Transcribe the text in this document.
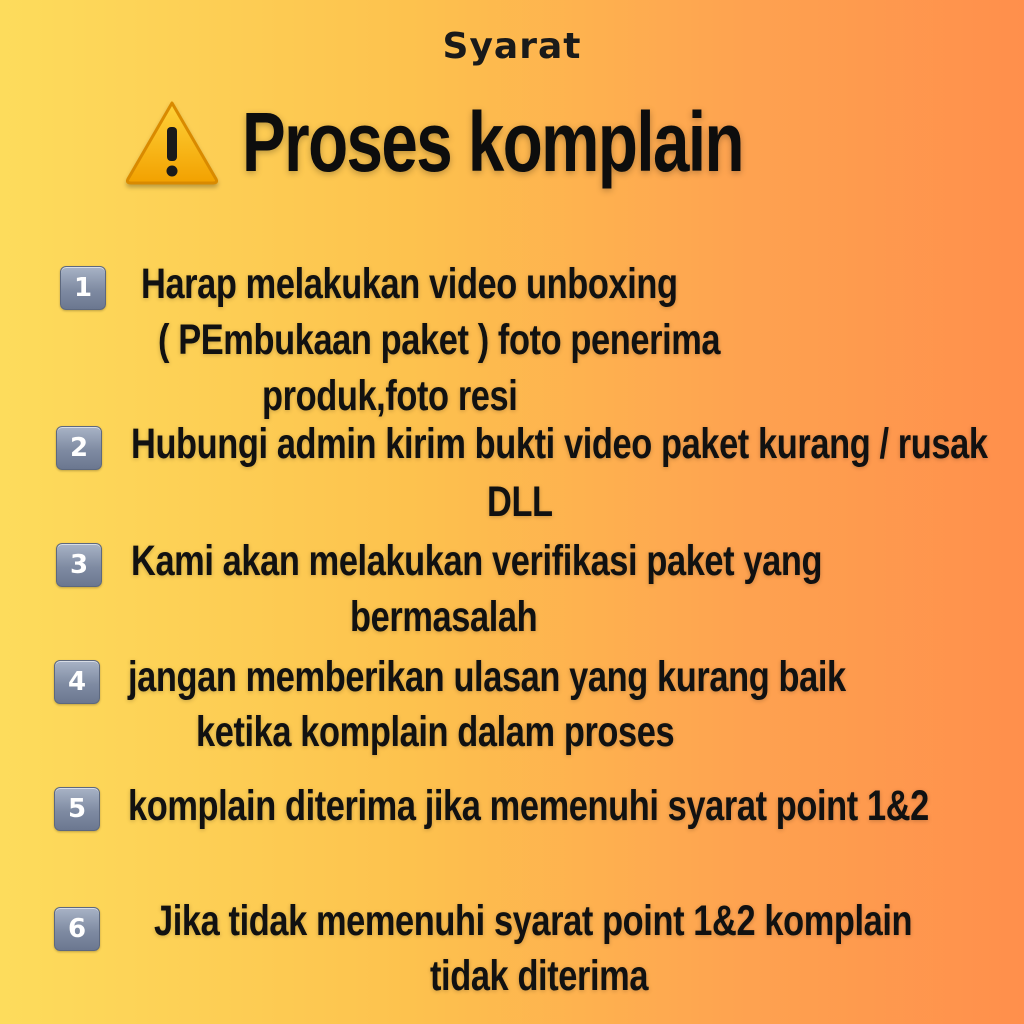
Syarat
Proses komplain
1	Harap melakukan video unboxing
( PEmbukaan paket ) foto penerima
produk,foto resi
2 Hubungi admin kirim bukti video paket kurang / rusak
DLL
3 Kami akan melakukan verifikasi paket yang
bermasalah
4 jangan memberikan ulasan yang kurang baik
ketika komplain dalam proses
5 komplain diterima jika memenuhi syarat point 1&2
6	Jika tidak memenuhi syarat point 1&2 komplain
tidak diterima
